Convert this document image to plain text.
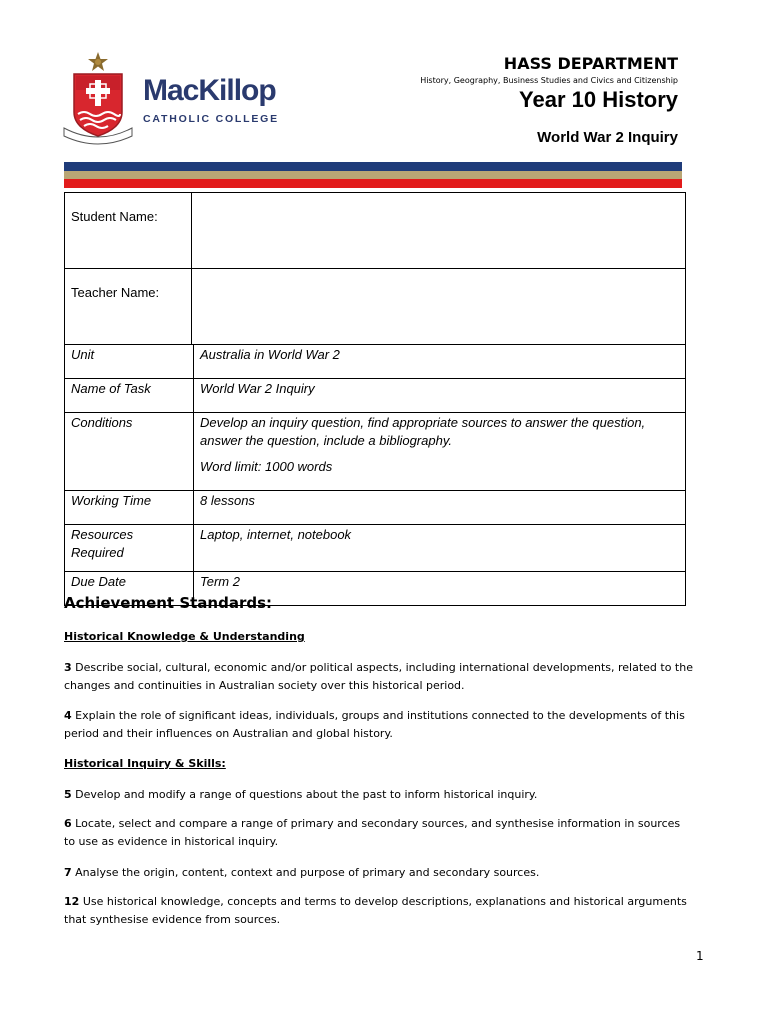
MacKillop
CATHOLIC COLLEGE
HASS DEPARTMENT
History, Geography, Business Studies and Civics and Citizenship
Year 10 History
World War 2 Inquiry
Student Name:	
Teacher Name:	
Unit	Australia in World War 2

Name of Task	World War 2 Inquiry

Conditions	Develop an inquiry question, find appropriate sources to answer the question, answer the question, include a bibliography.

Word limit: 1000 words

Working Time	8 lessons

Resources Required	Laptop, internet, notebook

Due Date	Term 2

Achievement Standards:

Historical Knowledge & Understanding

3 Describe social, cultural, economic and/or political aspects, including international developments, related to the changes and continuities in Australian society over this historical period.

4 Explain the role of significant ideas, individuals, groups and institutions connected to the developments of this period and their influences on Australian and global history.

Historical Inquiry & Skills:

5 Develop and modify a range of questions about the past to inform historical inquiry.

6 Locate, select and compare a range of primary and secondary sources, and synthesise information in sources to use as evidence in historical inquiry.

7 Analyse the origin, content, context and purpose of primary and secondary sources.

12 Use historical knowledge, concepts and terms to develop descriptions, explanations and historical arguments that synthesise evidence from sources.

1
